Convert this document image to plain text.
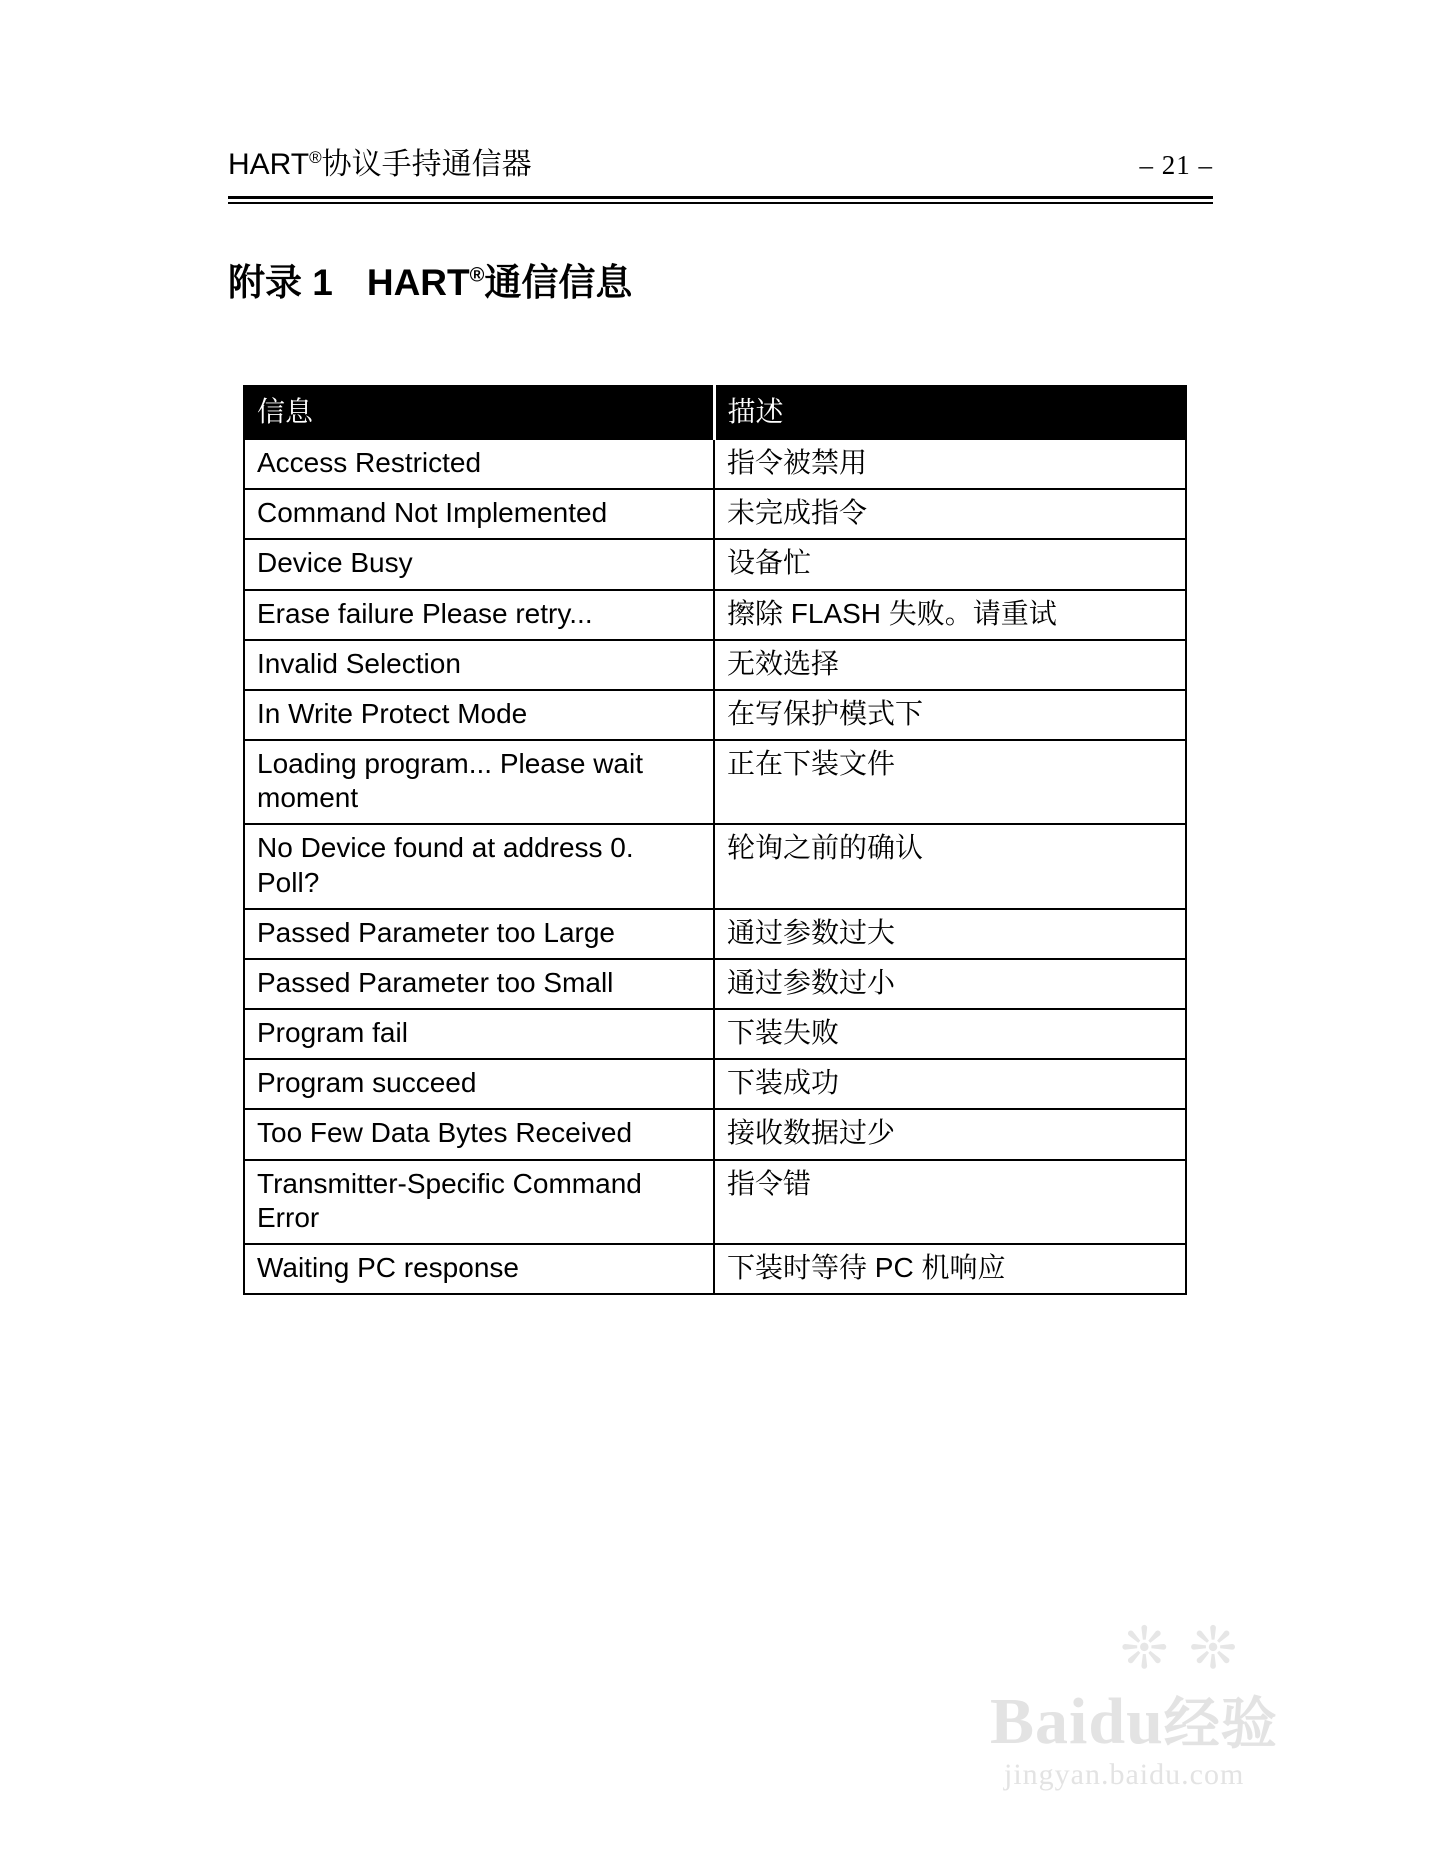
HART®协议手持通信器	– 21 –
附录 1 HART®通信信息
信息	描述
Access Restricted	指令被禁用
Command Not Implemented	未完成指令
Device Busy	设备忙
Erase failure Please retry...	擦除 FLASH 失败。请重试
Invalid Selection	无效选择
In Write Protect Mode	在写保护模式下
Loading program... Please wait moment	正在下装文件
No Device found at address 0. Poll?	轮询之前的确认
Passed Parameter too Large	通过参数过大
Passed Parameter too Small	通过参数过小
Program fail	下装失败
Program succeed	下装成功
Too Few Data Bytes Received	接收数据过少
Transmitter-Specific Command Error	指令错
Waiting PC response	下装时等待 PC 机响应
❊ ❊
Baidu经验
jingyan.baidu.com
